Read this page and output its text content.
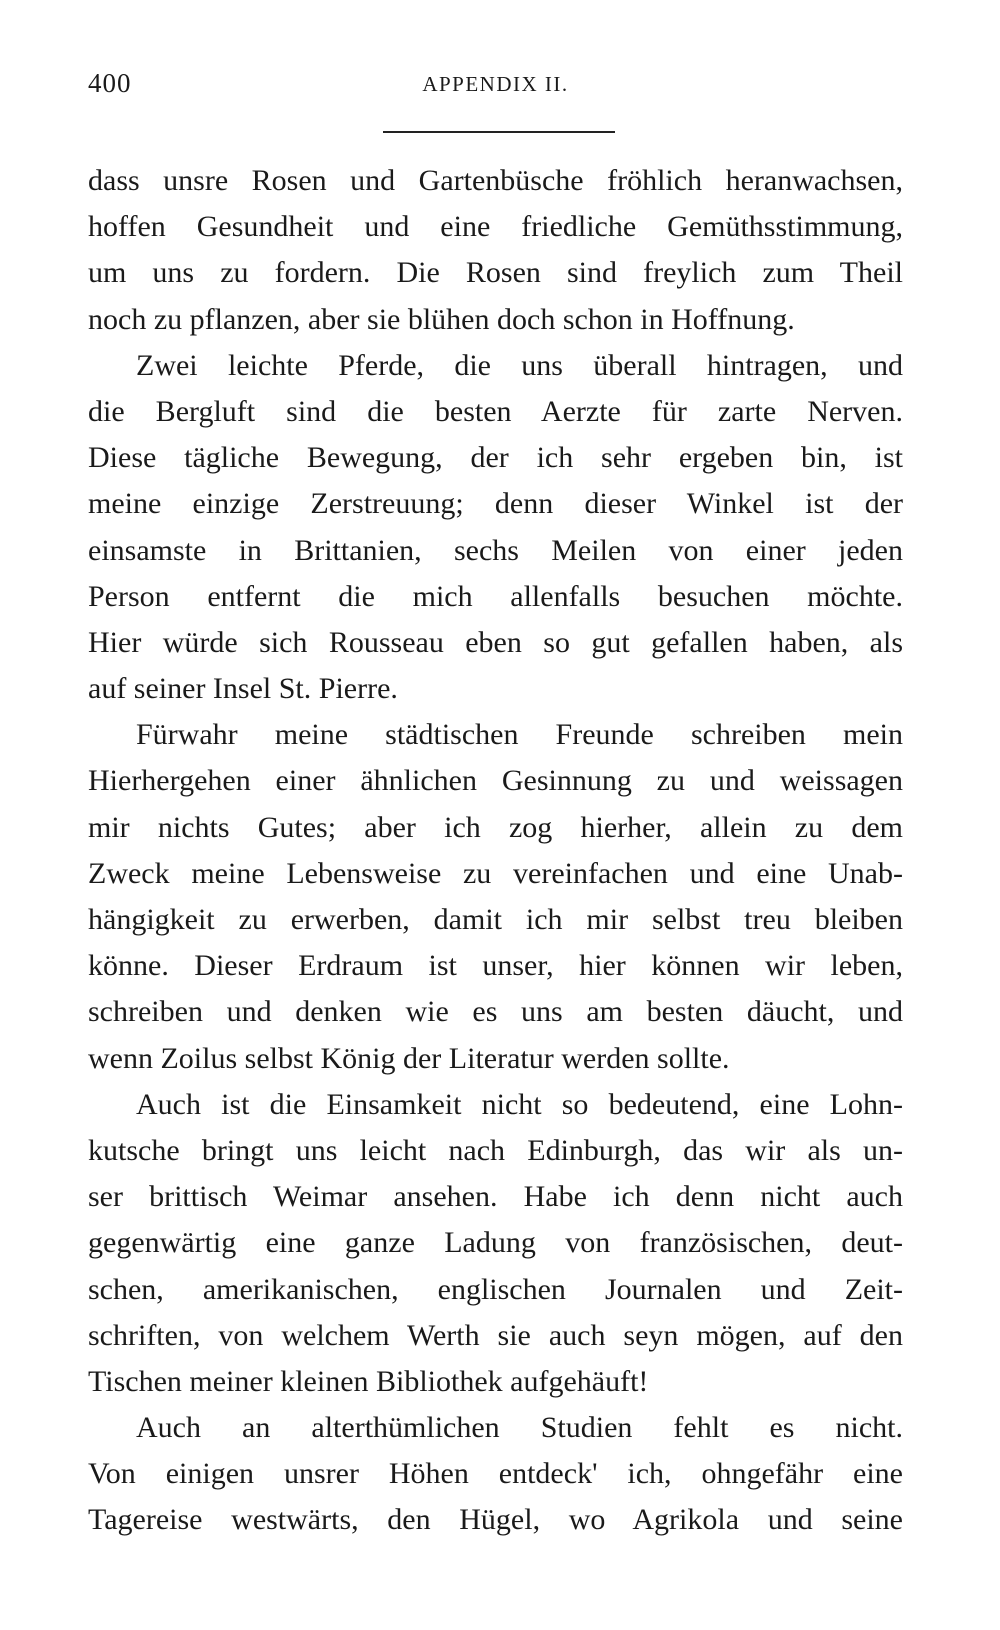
400	APPENDIX II.
dass unsre Rosen und Gartenbüsche fröhlich heranwachsen,
hoffen Gesundheit und eine friedliche Gemüthsstimmung,
um uns zu fordern. Die Rosen sind freylich zum Theil
noch zu pflanzen, aber sie blühen doch schon in Hoffnung.
Zwei leichte Pferde, die uns überall hintragen, und
die Bergluft sind die besten Aerzte für zarte Nerven.
Diese tägliche Bewegung, der ich sehr ergeben bin, ist
meine einzige Zerstreuung; denn dieser Winkel ist der
einsamste in Brittanien, sechs Meilen von einer jeden
Person entfernt die mich allenfalls besuchen möchte.
Hier würde sich Rousseau eben so gut gefallen haben, als
auf seiner Insel St. Pierre.
Fürwahr meine städtischen Freunde schreiben mein
Hierhergehen einer ähnlichen Gesinnung zu und weissagen
mir nichts Gutes; aber ich zog hierher, allein zu dem
Zweck meine Lebensweise zu vereinfachen und eine Unab-
hängigkeit zu erwerben, damit ich mir selbst treu bleiben
könne. Dieser Erdraum ist unser, hier können wir leben,
schreiben und denken wie es uns am besten däucht, und
wenn Zoilus selbst König der Literatur werden sollte.
Auch ist die Einsamkeit nicht so bedeutend, eine Lohn-
kutsche bringt uns leicht nach Edinburgh, das wir als un-
ser brittisch Weimar ansehen. Habe ich denn nicht auch
gegenwärtig eine ganze Ladung von französischen, deut-
schen, amerikanischen, englischen Journalen und Zeit-
schriften, von welchem Werth sie auch seyn mögen, auf den
Tischen meiner kleinen Bibliothek aufgehäuft!
Auch an alterthümlichen Studien fehlt es nicht.
Von einigen unsrer Höhen entdeck' ich, ohngefähr eine
Tagereise westwärts, den Hügel, wo Agrikola und seine
